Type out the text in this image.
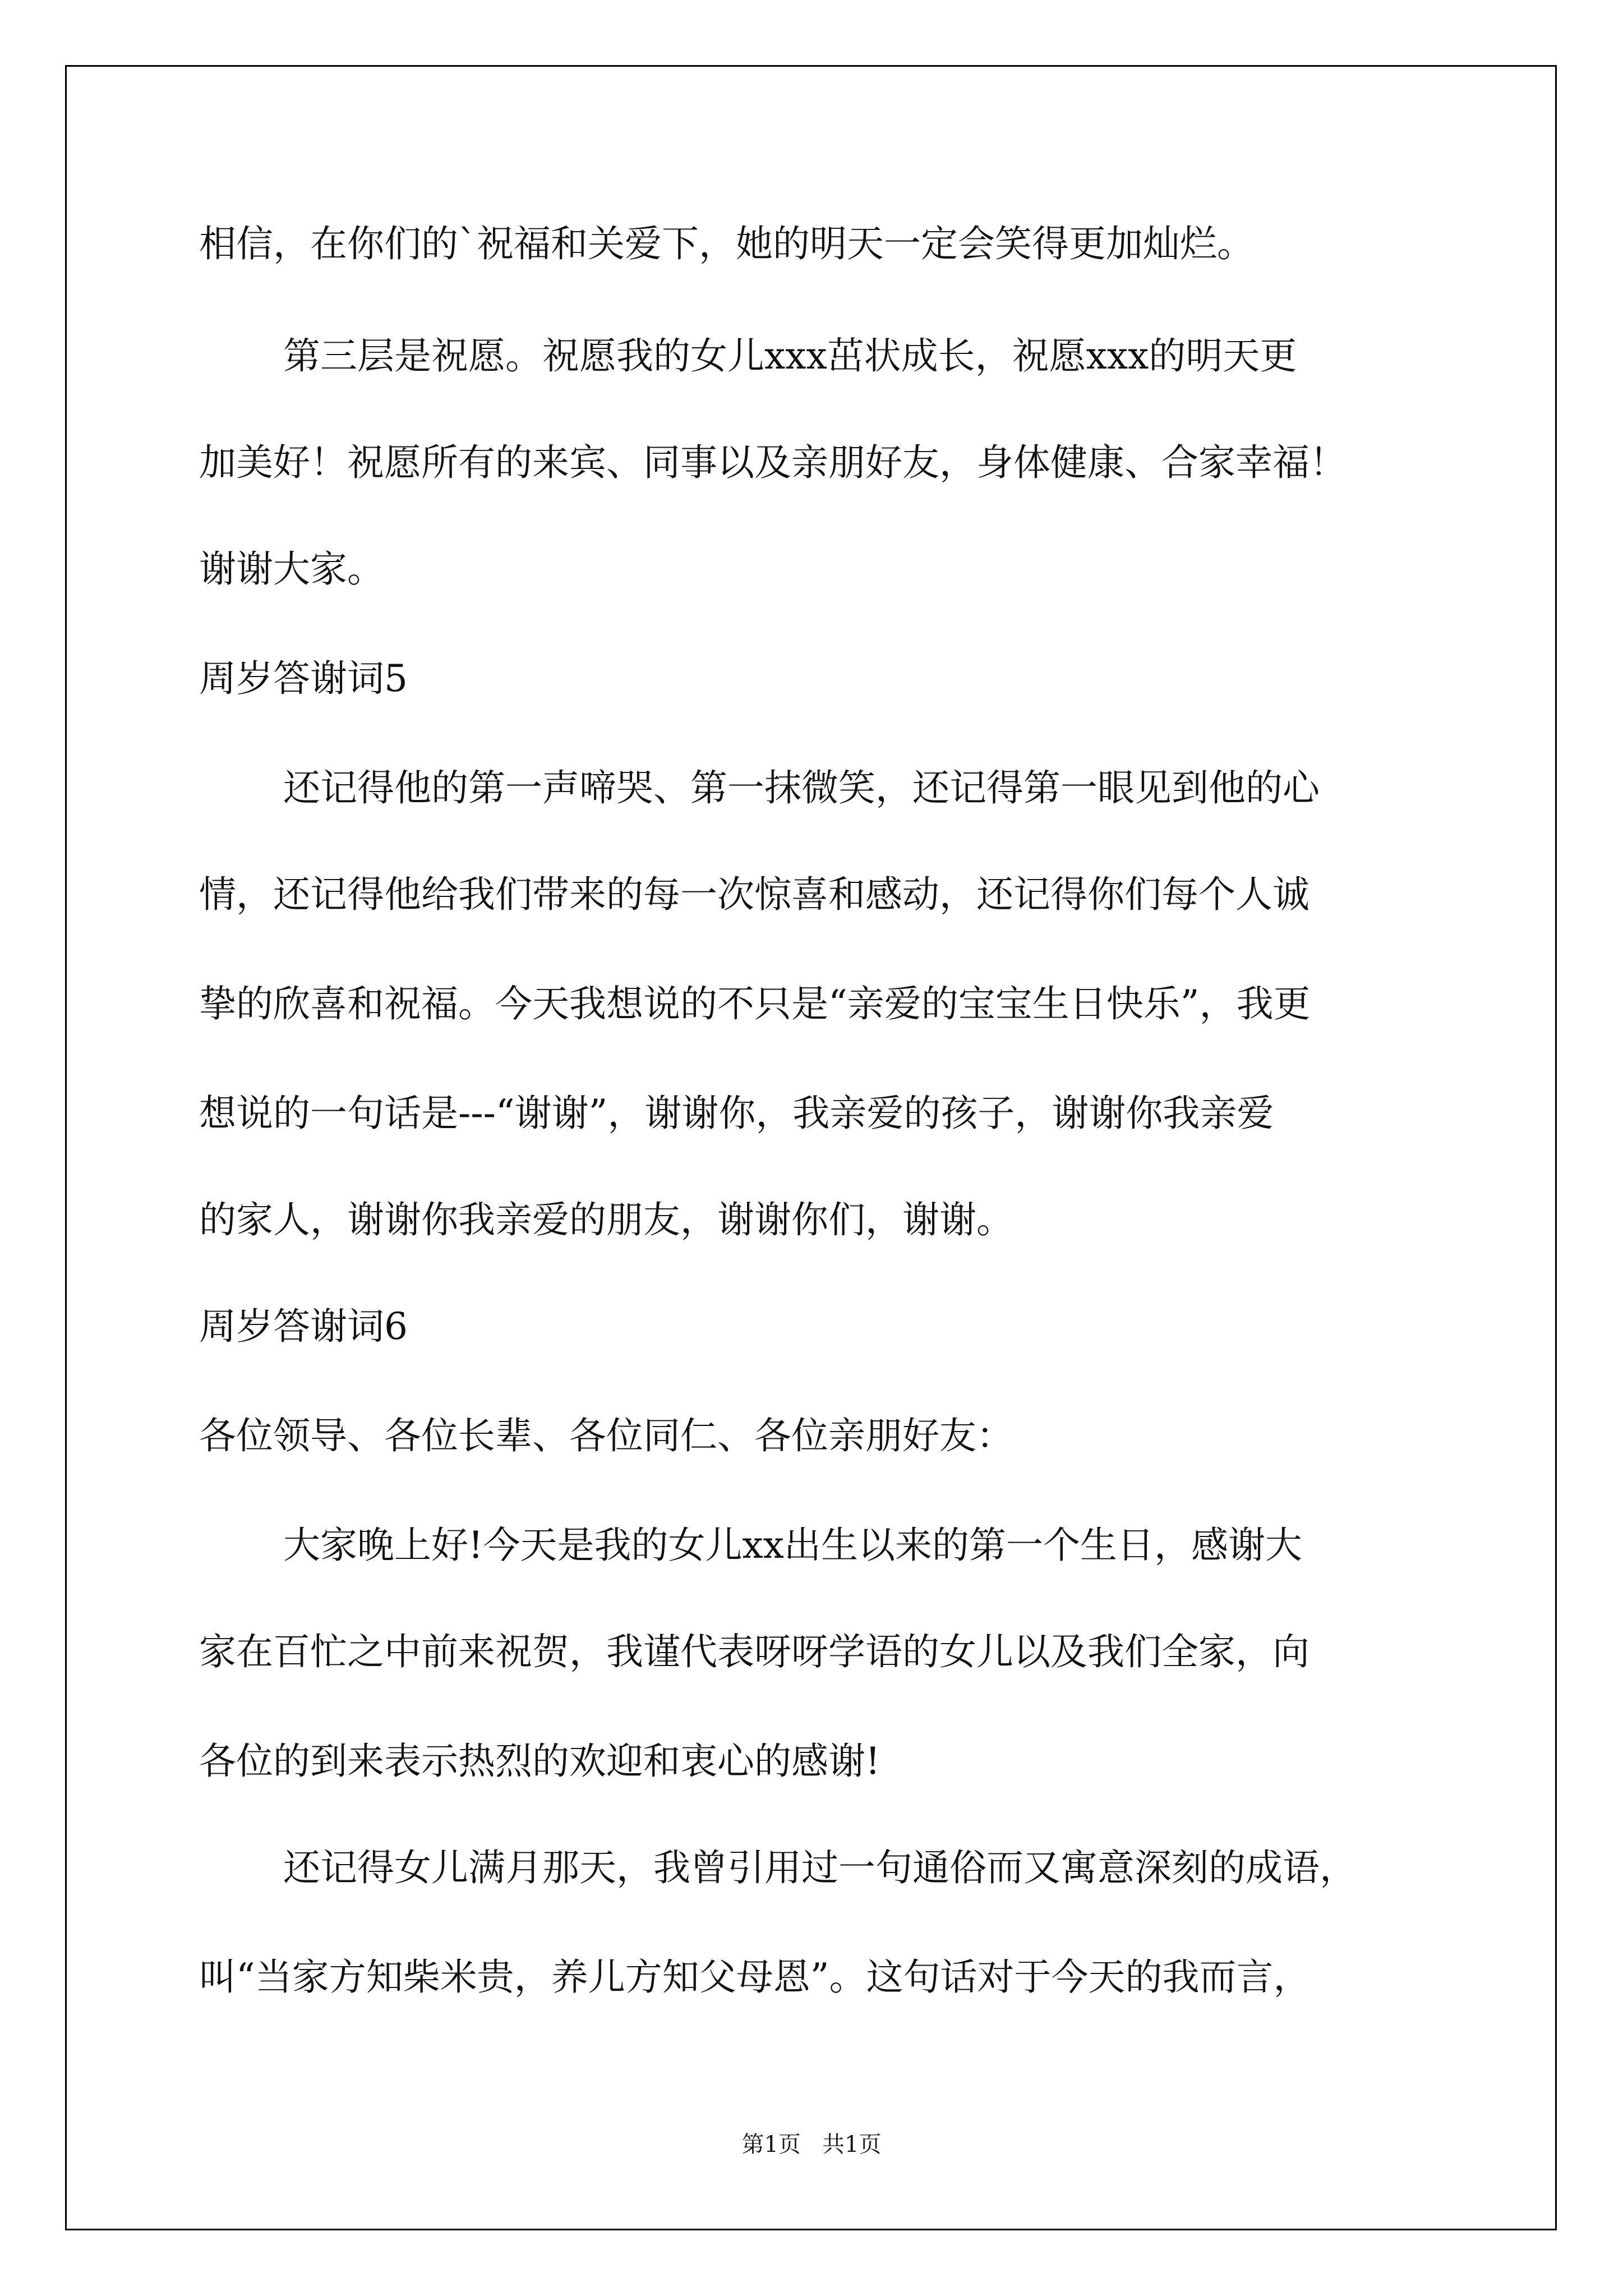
相信，在你们的`祝福和关爱下，她的明天一定会笑得更加灿烂。
第三层是祝愿。祝愿我的女儿xxx茁状成长，祝愿xxx的明天更
加美好！祝愿所有的来宾、同事以及亲朋好友，身体健康、合家幸福！
谢谢大家。
周岁答谢词5
还记得他的第一声啼哭、第一抹微笑，还记得第一眼见到他的心
情，还记得他给我们带来的每一次惊喜和感动，还记得你们每个人诚
挚的欣喜和祝福。今天我想说的不只是“亲爱的宝宝生日快乐”，我更
想说的一句话是---“谢谢”，谢谢你，我亲爱的孩子，谢谢你我亲爱
的家人，谢谢你我亲爱的朋友，谢谢你们，谢谢。
周岁答谢词6
各位领导、各位长辈、各位同仁、各位亲朋好友：
大家晚上好!今天是我的女儿xx出生以来的第一个生日，感谢大
家在百忙之中前来祝贺，我谨代表呀呀学语的女儿以及我们全家，向
各位的到来表示热烈的欢迎和衷心的感谢!
还记得女儿满月那天，我曾引用过一句通俗而又寓意深刻的成语，
叫“当家方知柴米贵，养儿方知父母恩”。这句话对于今天的我而言，
第1页   共1页
